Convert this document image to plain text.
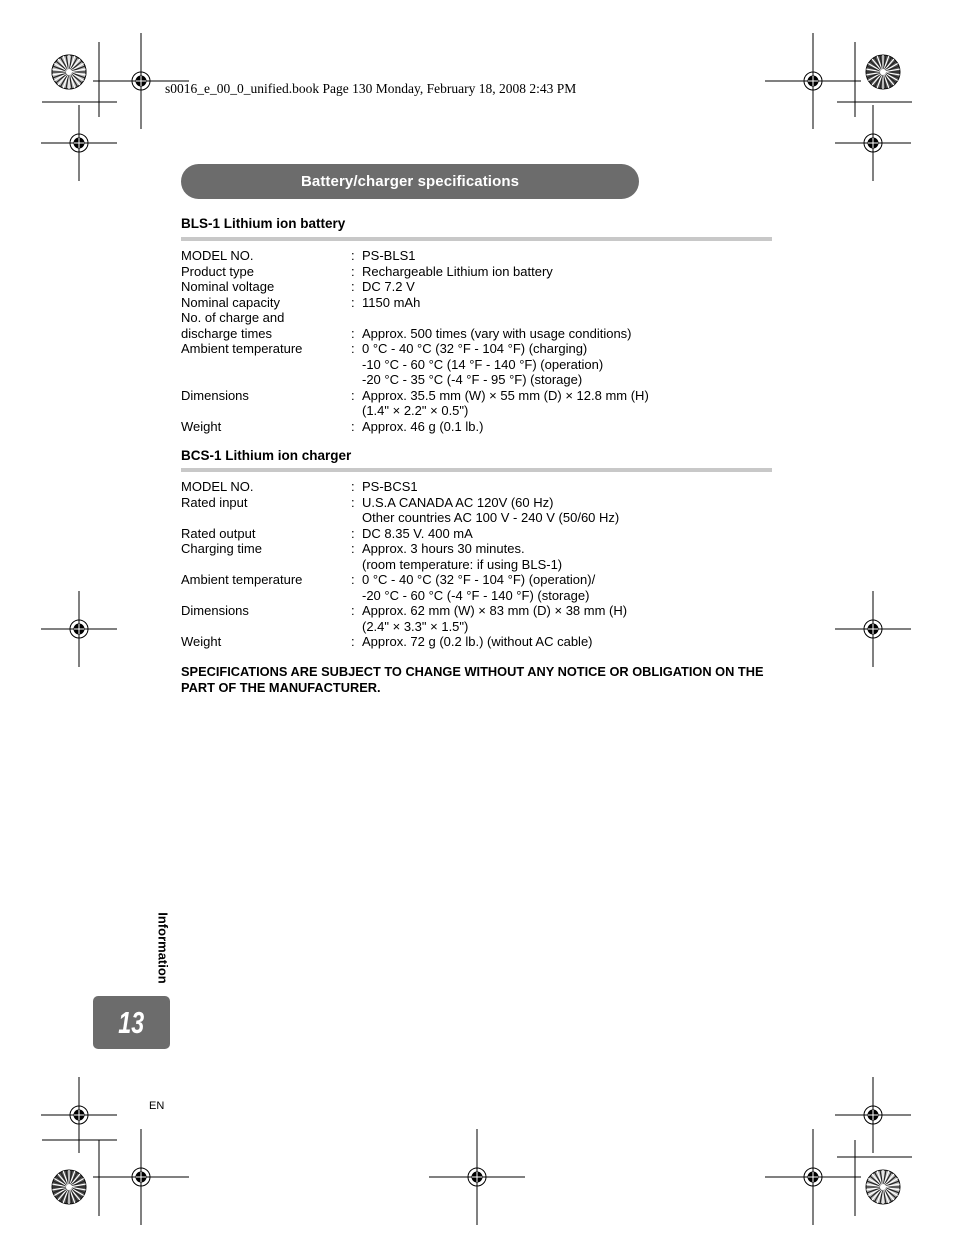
s0016_e_00_0_unified.book Page 130 Monday, February 18, 2008 2:43 PM
Battery/charger specifications
BLS-1 Lithium ion battery
MODEL NO.	: PS-BLS1
Product type	: Rechargeable Lithium ion battery
Nominal voltage	: DC 7.2 V
Nominal capacity	: 1150 mAh
No. of charge and

discharge times	: Approx. 500 times (vary with usage conditions)
Ambient temperature	: 0 °C - 40 °C (32 °F - 104 °F) (charging)
-10 °C - 60 °C (14 °F - 140 °F) (operation)
-20 °C - 35 °C (-4 °F - 95 °F) (storage)
Dimensions	: Approx. 35.5 mm (W) × 55 mm (D) × 12.8 mm (H)
(1.4" × 2.2" × 0.5")
Weight	: Approx. 46 g (0.1 lb.)
BCS-1 Lithium ion charger
MODEL NO.	: PS-BCS1
Rated input	: U.S.A CANADA AC 120V (60 Hz)
Other countries AC 100 V - 240 V (50/60 Hz)
Rated output	: DC 8.35 V. 400 mA
Charging time	: Approx. 3 hours 30 minutes.
(room temperature: if using BLS-1)
Ambient temperature	: 0 °C - 40 °C (32 °F - 104 °F) (operation)/
-20 °C - 60 °C (-4 °F - 140 °F) (storage)
Dimensions	: Approx. 62 mm (W) × 83 mm (D) × 38 mm (H)
(2.4" × 3.3" × 1.5")
Weight	: Approx. 72 g (0.2 lb.) (without AC cable)
SPECIFICATIONS ARE SUBJECT TO CHANGE WITHOUT ANY NOTICE OR OBLIGATION ON THE PART OF THE MANUFACTURER.
Information
13
EN
